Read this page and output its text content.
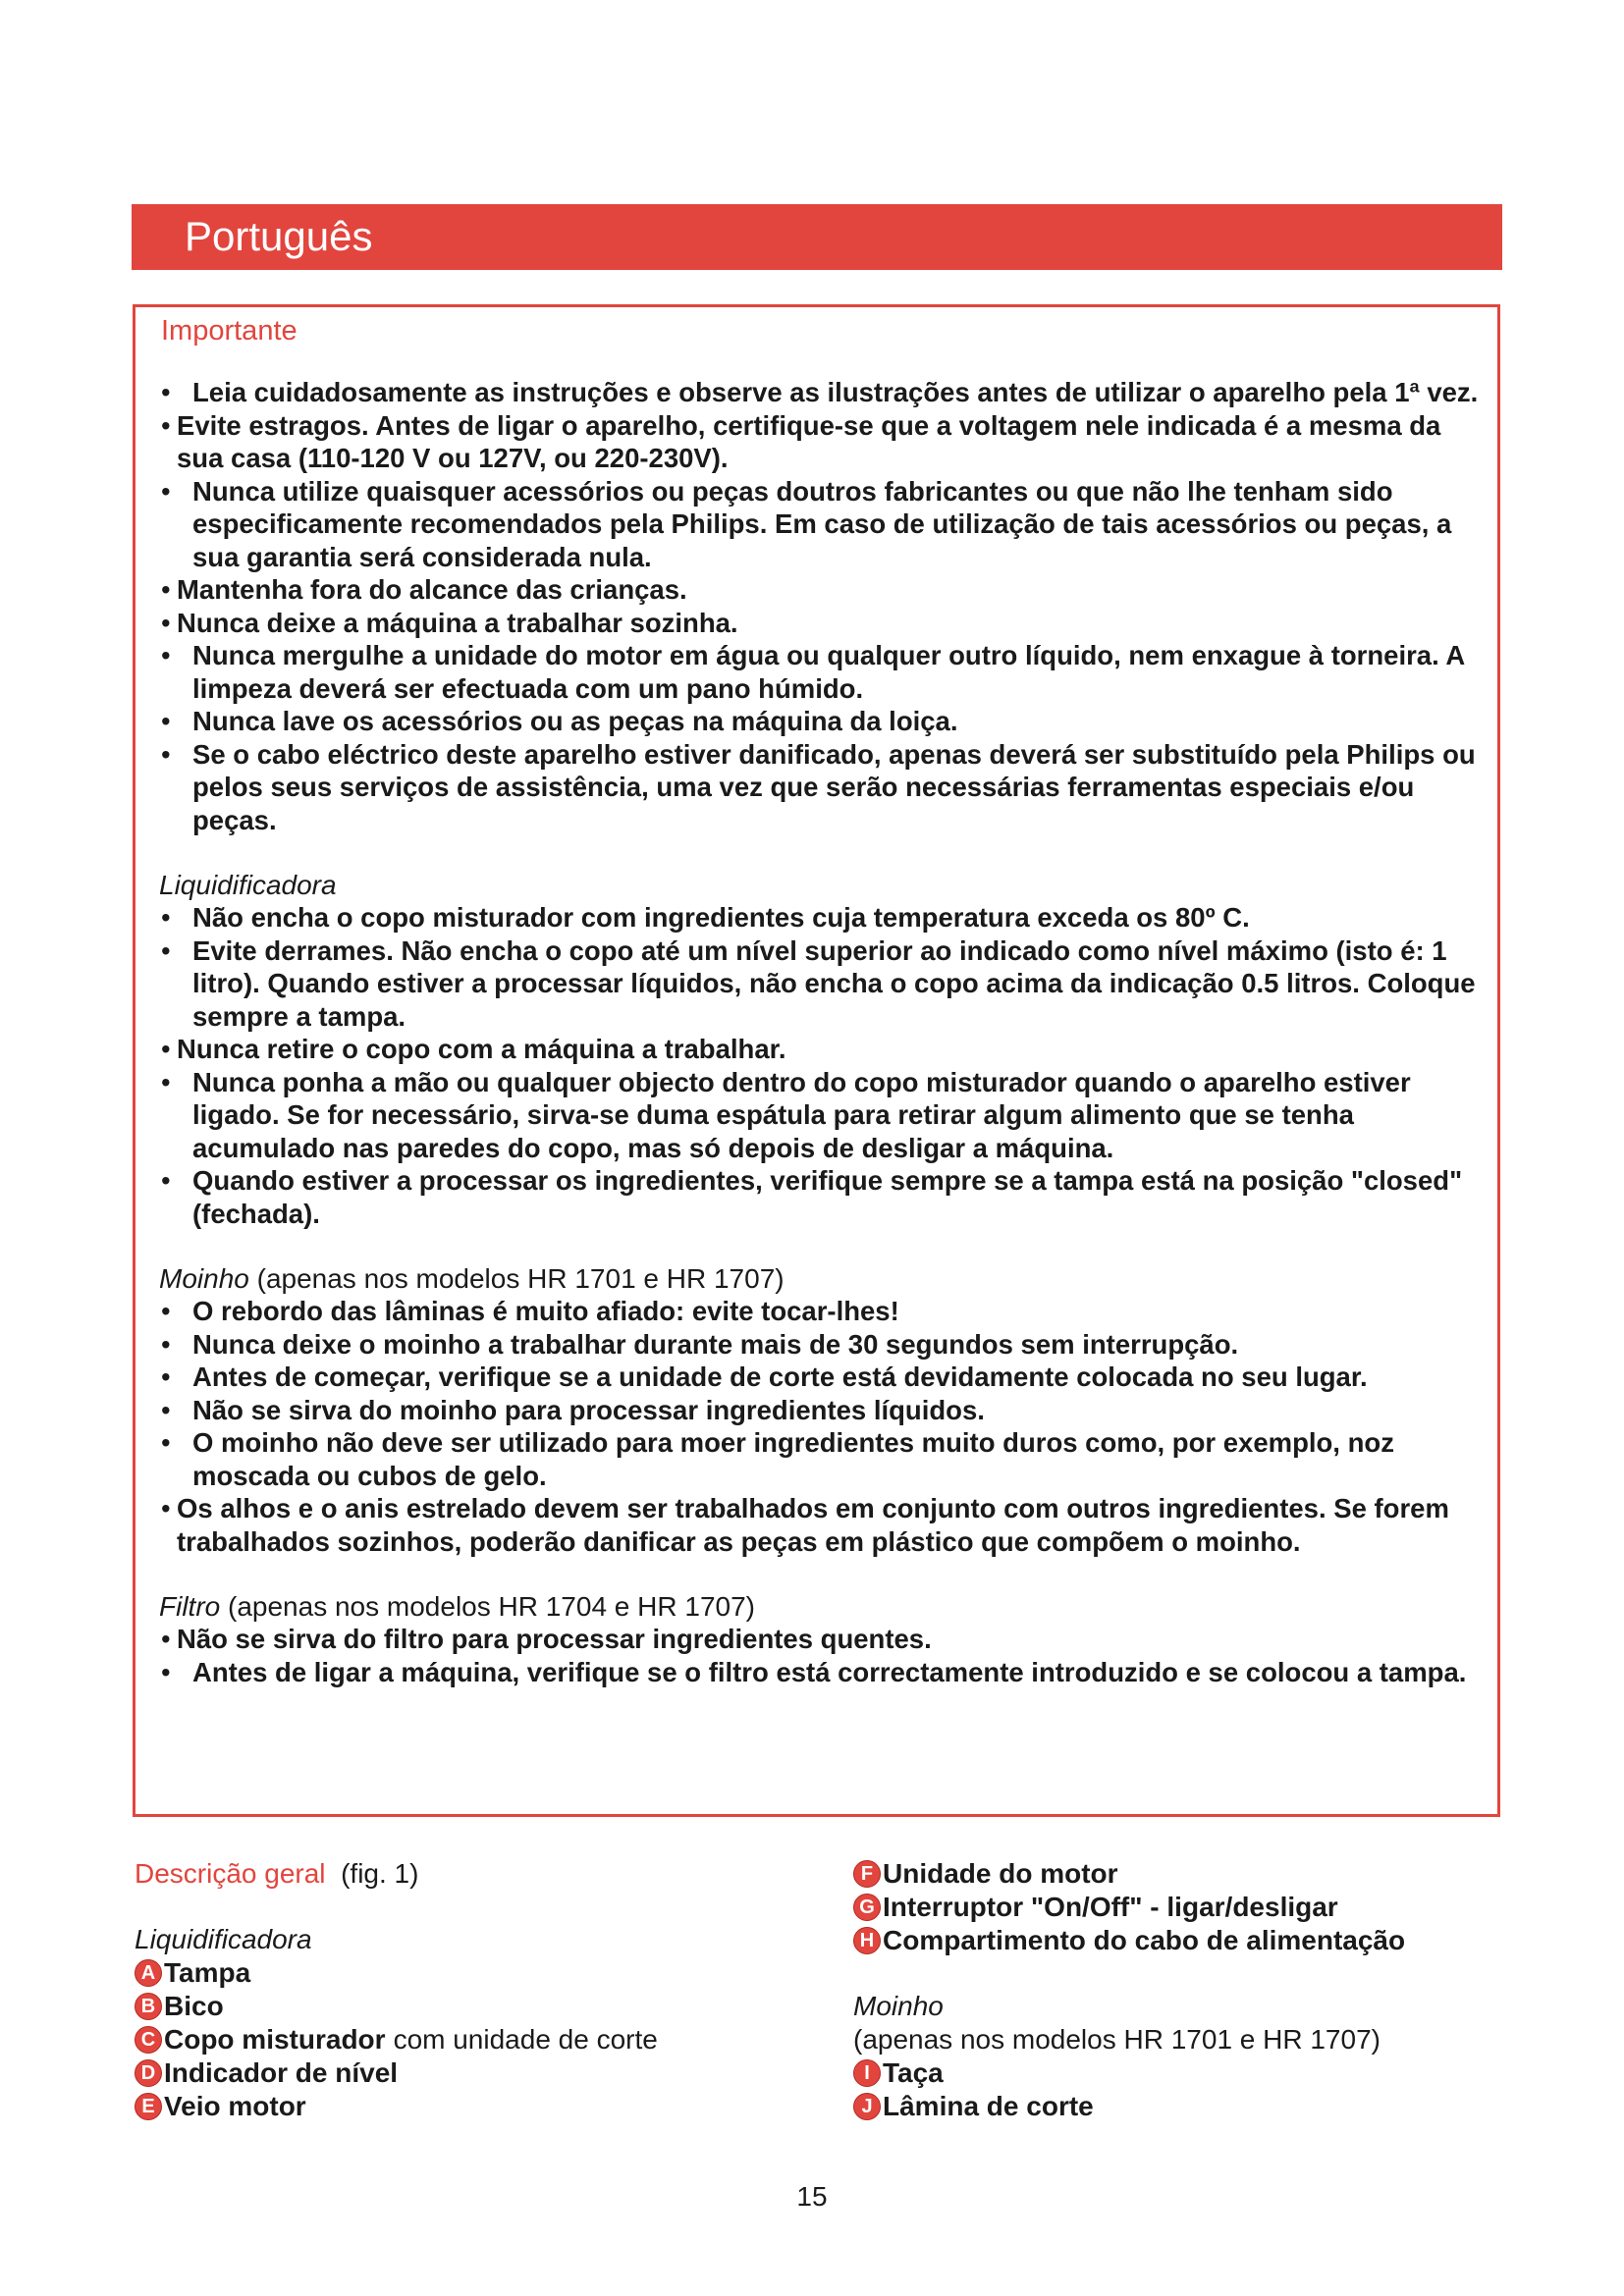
Português
Importante
• Leia cuidadosamente as instruções e observe as ilustrações antes de utilizar o aparelho pela 1ª vez.
• Evite estragos. Antes de ligar o aparelho, certifique-se que a voltagem nele indicada é a mesma da sua casa (110-120 V ou 127V, ou 220-230V).
• Nunca utilize quaisquer acessórios ou peças doutros fabricantes ou que não lhe tenham sido especificamente recomendados pela Philips. Em caso de utilização de tais acessórios ou peças, a sua garantia será considerada nula.
• Mantenha fora do alcance das crianças.
• Nunca deixe a máquina a trabalhar sozinha.
• Nunca mergulhe a unidade do motor em água ou qualquer outro líquido, nem enxague à torneira. A limpeza deverá ser efectuada com um pano húmido.
• Nunca lave os acessórios ou as peças na máquina da loiça.
• Se o cabo eléctrico deste aparelho estiver danificado, apenas deverá ser substituído pela Philips ou pelos seus serviços de assistência, uma vez que serão necessárias ferramentas especiais e/ou peças.
Liquidificadora
• Não encha o copo misturador com ingredientes cuja temperatura exceda os 80º C.
• Evite derrames. Não encha o copo até um nível superior ao indicado como nível máximo (isto é: 1 litro). Quando estiver a processar líquidos, não encha o copo acima da indicação 0.5 litros. Coloque sempre a tampa.
• Nunca retire o copo com a máquina a trabalhar.
• Nunca ponha a mão ou qualquer objecto dentro do copo misturador quando o aparelho estiver ligado. Se for necessário, sirva-se duma espátula para retirar algum alimento que se tenha acumulado nas paredes do copo, mas só depois de desligar a máquina.
• Quando estiver a processar os ingredientes, verifique sempre se a tampa está na posição "closed" (fechada).
Moinho (apenas nos modelos HR 1701 e HR 1707)
• O rebordo das lâminas é muito afiado: evite tocar-lhes!
• Nunca deixe o moinho a trabalhar durante mais de 30 segundos sem interrupção.
• Antes de começar, verifique se a unidade de corte está devidamente colocada no seu lugar.
• Não se sirva do moinho para processar ingredientes líquidos.
• O moinho não deve ser utilizado para moer ingredientes muito duros como, por exemplo, noz moscada ou cubos de gelo.
• Os alhos e o anis estrelado devem ser trabalhados em conjunto com outros ingredientes. Se forem trabalhados sozinhos, poderão danificar as peças em plástico que compõem o moinho.
Filtro (apenas nos modelos HR 1704 e HR 1707)
• Não se sirva do filtro para processar ingredientes quentes.
• Antes de ligar a máquina, verifique se o filtro está correctamente introduzido e se colocou a tampa.
Descrição geral (fig. 1)
Liquidificadora
A Tampa
B Bico
C Copo misturador com unidade de corte
D Indicador de nível
E Veio motor
F Unidade do motor
G Interruptor "On/Off" - ligar/desligar
H Compartimento do cabo de alimentação
Moinho
(apenas nos modelos HR 1701 e HR 1707)
I Taça
J Lâmina de corte
15
